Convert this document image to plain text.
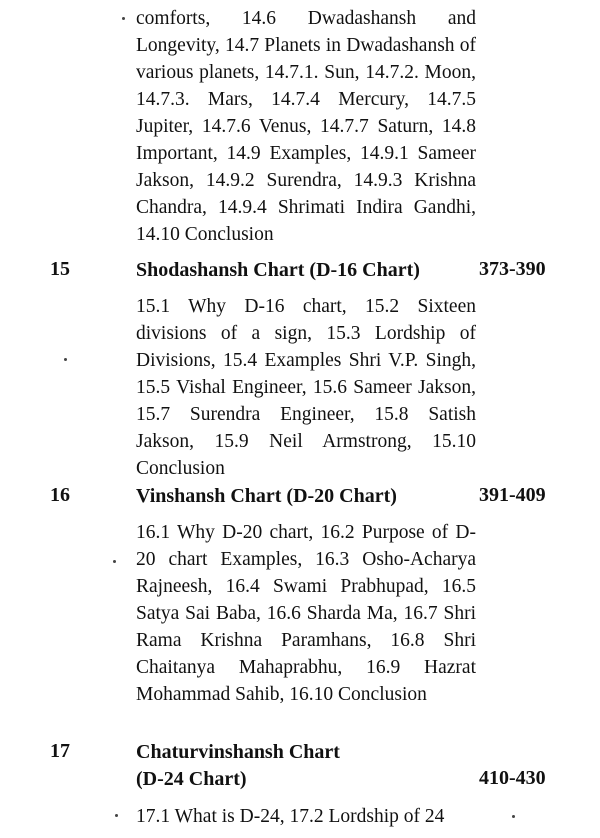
comforts, 14.6 Dwadashansh and Longevity, 14.7 Planets in Dwadashansh of various planets, 14.7.1. Sun, 14.7.2. Moon, 14.7.3. Mars, 14.7.4 Mercury, 14.7.5 Jupiter, 14.7.6 Venus, 14.7.7 Saturn, 14.8 Important, 14.9 Examples, 14.9.1 Sameer Jakson, 14.9.2 Surendra, 14.9.3 Krishna Chandra, 14.9.4 Shrimati Indira Gandhi, 14.10 Conclusion
15	Shodashansh Chart (D-16 Chart)	373-390
15.1 Why D-16 chart, 15.2 Sixteen divisions of a sign, 15.3 Lordship of Divisions, 15.4 Examples Shri V.P. Singh, 15.5 Vishal Engineer, 15.6 Sameer Jakson, 15.7 Surendra Engineer, 15.8 Satish Jakson, 15.9 Neil Armstrong, 15.10 Conclusion
16	Vinshansh Chart (D-20 Chart)	391-409
16.1 Why D-20 chart, 16.2 Purpose of D-20 chart Examples, 16.3 Osho-Acharya Rajneesh, 16.4 Swami Prabhupad, 16.5 Satya Sai Baba, 16.6 Sharda Ma, 16.7 Shri Rama Krishna Paramhans, 16.8 Shri Chaitanya Mahaprabhu, 16.9 Hazrat Mohammad Sahib, 16.10 Conclusion
17	Chaturvinshansh Chart
(D-24 Chart)	410-430
17.1 What is D-24, 17.2 Lordship of 24
